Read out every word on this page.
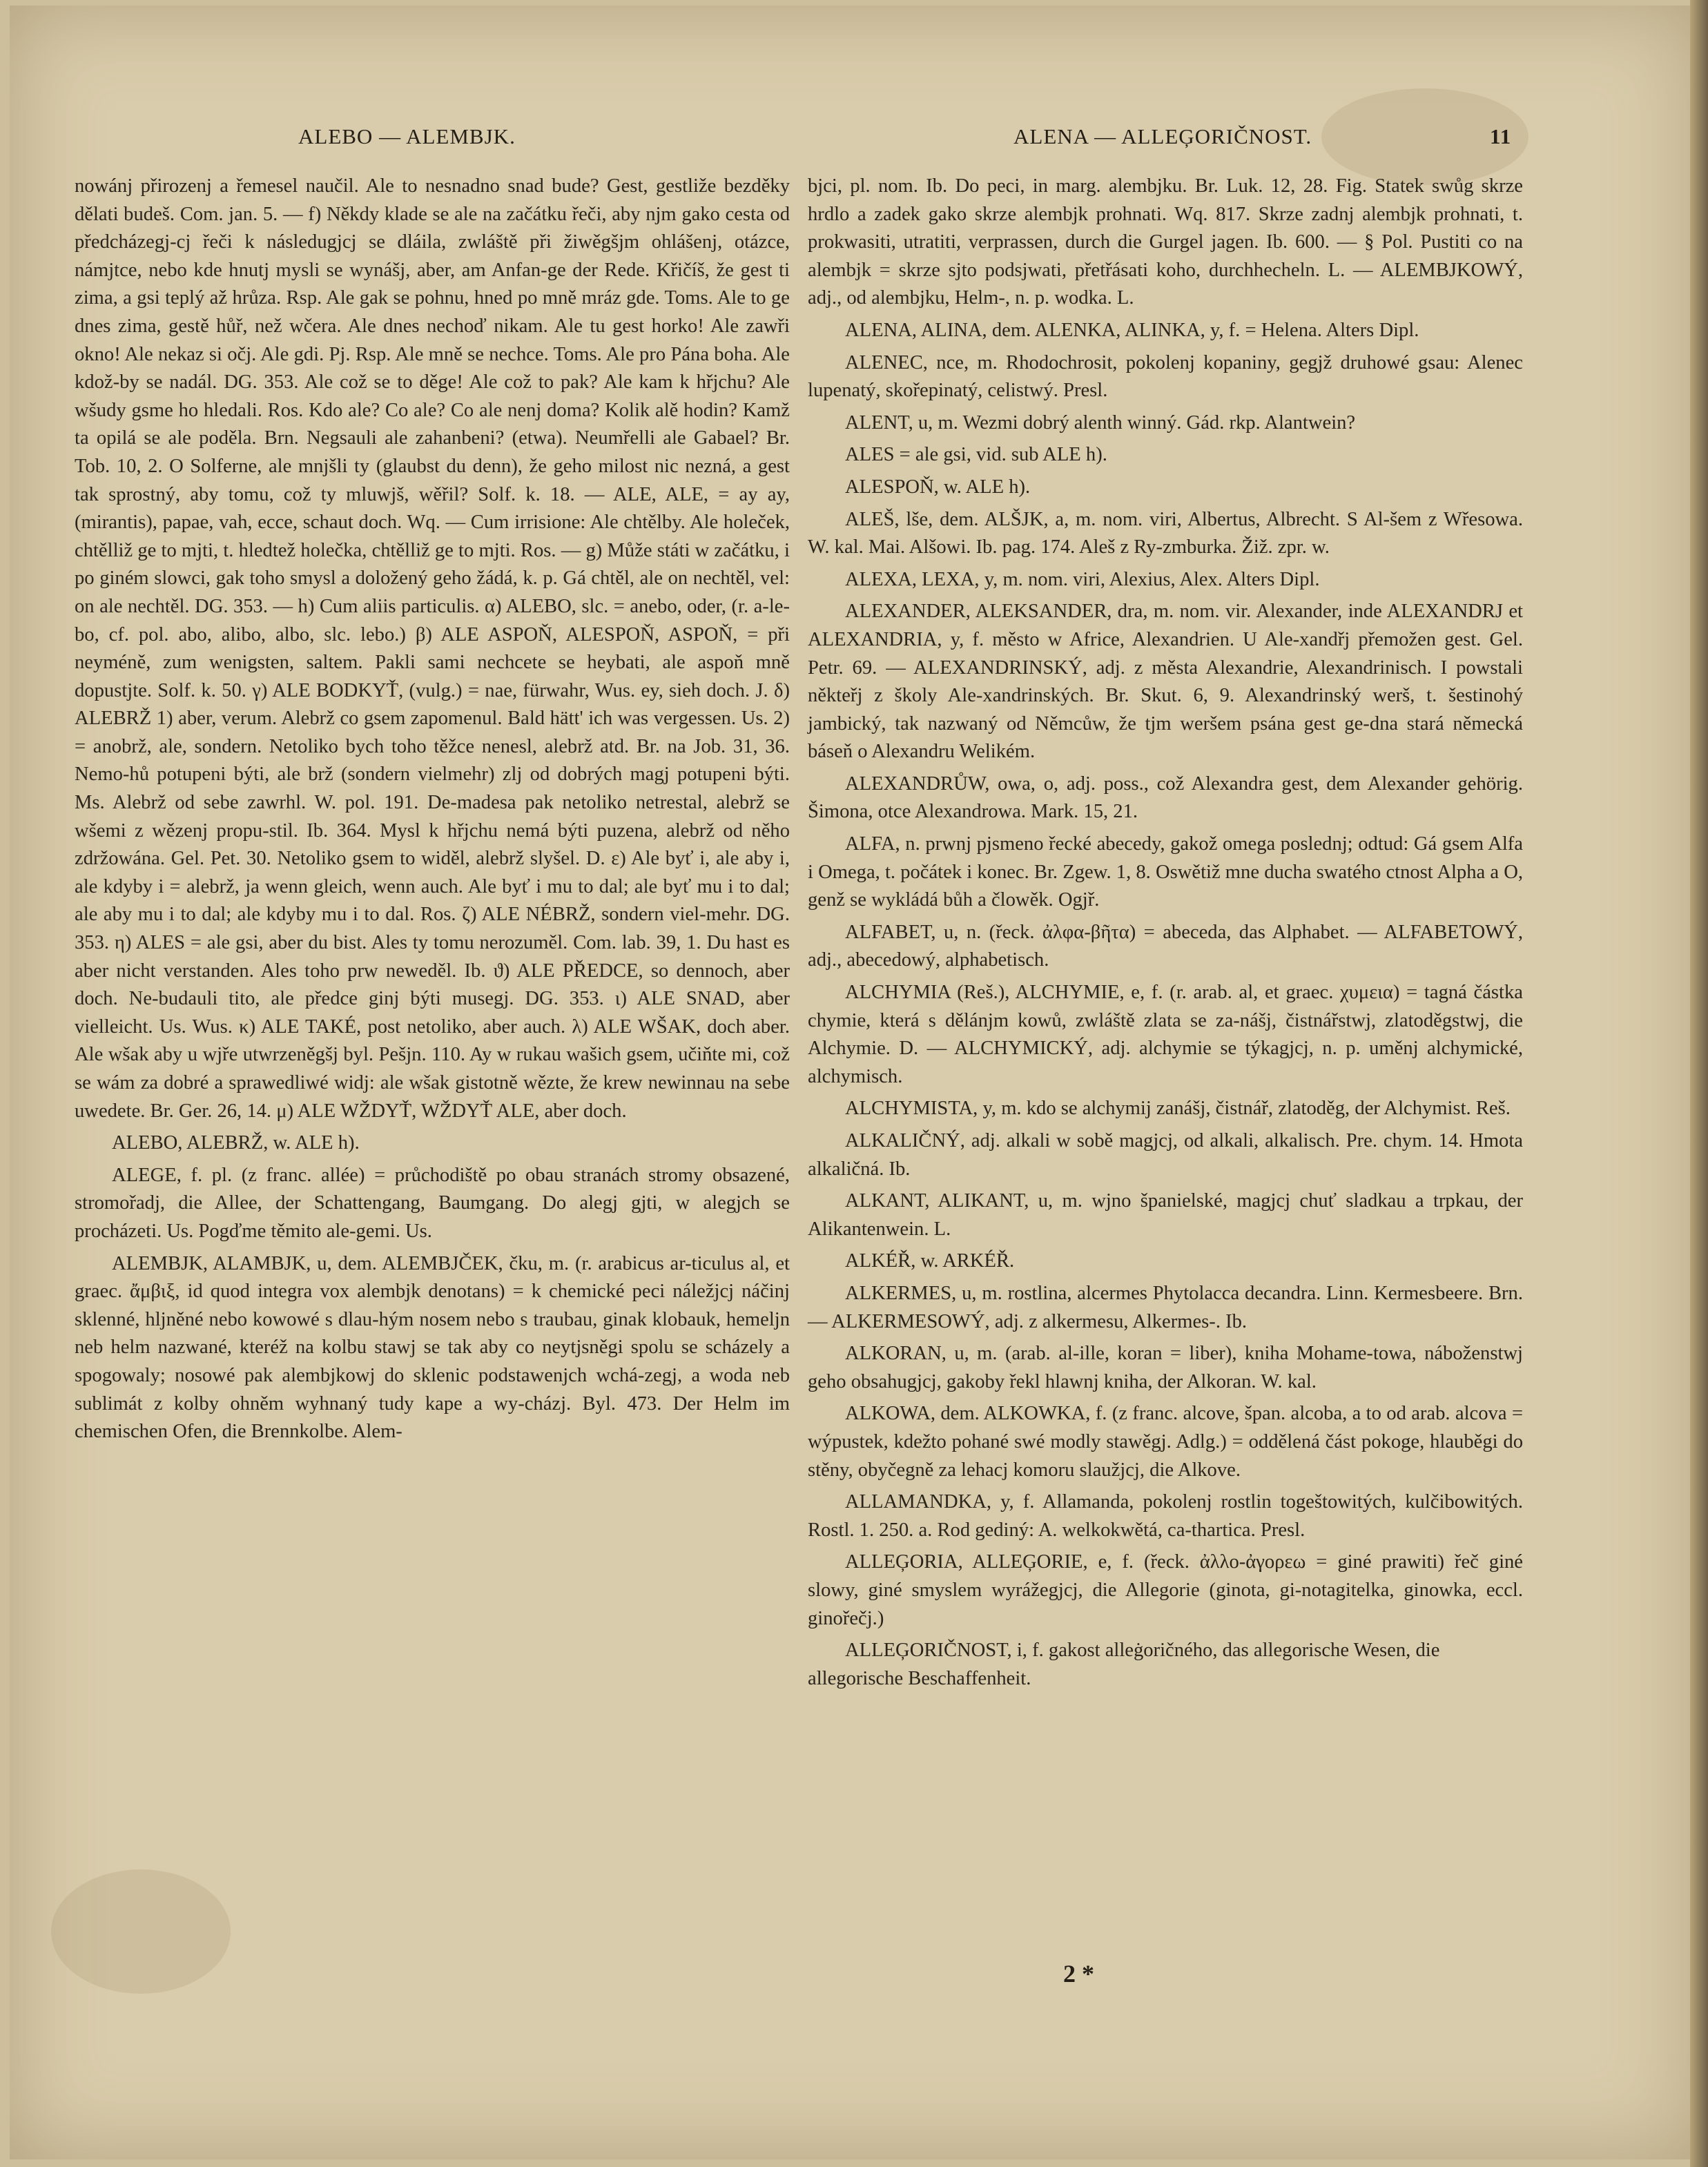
ALEBO — ALEMBJK.	ALENA — ALLEĢORIČNOST.	11

nowánj přirozenj a řemesel naučil. Ale to nesnadno snad bude? Gest, gestliže bezděky dělati budeš. Com. jan. 5. — f) Někdy klade se ale na začátku řeči, aby njm gako cesta od předcházegj-cj řeči k následugjcj se dláila, zwláště při žiwěgšjm ohlášenj, otázce, námjtce, nebo kde hnutj mysli se wynášj, aber, am Anfan-ge der Rede. Křičíš, že gest ti zima, a gsi teplý až hrůza. Rsp. Ale gak se pohnu, hned po mně mráz gde. Toms. Ale to ge dnes zima, gestě hůř, než wčera. Ale dnes nechoď nikam. Ale tu gest horko! Ale zawři okno! Ale nekaz si očj. Ale gdi. Pj. Rsp. Ale mně se nechce. Toms. Ale pro Pána boha. Ale kdož-by se nadál. DG. 353. Ale což se to děge! Ale což to pak? Ale kam k hřjchu? Ale wšudy gsme ho hledali. Ros. Kdo ale? Co ale? Co ale nenj doma? Kolik alě hodin? Kamž ta opilá se ale poděla. Brn. Negsauli ale zahanbeni? (etwa). Neumřelli ale Gabael? Br. Tob. 10, 2. O Solferne, ale mnjšli ty (glaubst du denn), že geho milost nic nezná, a gest tak sprostný, aby tomu, což ty mluwjš, wěřil? Solf. k. 18. — ALE, ALE, = ay ay, (mirantis), papae, vah, ecce, schaut doch. Wq. — Cum irrisione: Ale chtělby. Ale holeček, chtělliž ge to mjti, t. hledtež holečka, chtělliž ge to mjti. Ros. — g) Může státi w začátku, i po giném slowci, gak toho smysl a doložený geho žádá, k. p. Gá chtěl, ale on nechtěl, vel: on ale nechtěl. DG. 353. — h) Cum aliis particulis. α) ALEBO, slc. = anebo, oder, (r. a-le-bo, cf. pol. abo, alibo, albo, slc. lebo.) β) ALE ASPOŇ, ALESPOŇ, ASPOŇ, = při neyméně, zum wenigsten, saltem. Pakli sami nechcete se heybati, ale aspoň mně dopustjte. Solf. k. 50. γ) ALE BODKYŤ, (vulg.) = nae, fürwahr, Wus. ey, sieh doch. J. δ) ALEBRŽ 1) aber, verum. Alebrž co gsem zapomenul. Bald hätt' ich was vergessen. Us. 2) = anobrž, ale, sondern. Netoliko bych toho těžce nenesl, alebrž atd. Br. na Job. 31, 36. Nemo-hů potupeni býti, ale brž (sondern vielmehr) zlj od dobrých magj potupeni býti. Ms. Alebrž od sebe zawrhl. W. pol. 191. De-madesa pak netoliko netrestal, alebrž se wšemi z wězenj propu-stil. Ib. 364. Mysl k hřjchu nemá býti puzena, alebrž od něho zdržowána. Gel. Pet. 30. Netoliko gsem to widěl, alebrž slyšel. D. ε) Ale byť i, ale aby i, ale kdyby i = alebrž, ja wenn gleich, wenn auch. Ale byť i mu to dal; ale byť mu i to dal; ale aby mu i to dal; ale kdyby mu i to dal. Ros. ζ) ALE NÉBRŽ, sondern viel-mehr. DG. 353. η) ALES = ale gsi, aber du bist. Ales ty tomu nerozuměl. Com. lab. 39, 1. Du hast es aber nicht verstanden. Ales toho prw neweděl. Ib. ϑ) ALE PŘEDCE, so dennoch, aber doch. Ne-budauli tito, ale předce ginj býti musegj. DG. 353. ι) ALE SNAD, aber vielleicht. Us. Wus. κ) ALE TAKÉ, post netoliko, aber auch. λ) ALE WŠAK, doch aber. Ale wšak aby u wjře utwrzeněgšj byl. Pešjn. 110. Ay w rukau wašich gsem, učiňte mi, což se wám za dobré a sprawedliwé widj: ale wšak gistotně wězte, že krew newinnau na sebe uwedete. Br. Ger. 26, 14. μ) ALE WŽDYŤ, WŽDYŤ ALE, aber doch.

ALEBO, ALEBRŽ, w. ALE h).

ALEGE, f. pl. (z franc. allée) = průchodiště po obau stranách stromy obsazené, stromořadj, die Allee, der Schattengang, Baumgang. Do alegj gjti, w alegjch se procházeti. Us. Pogďme těmito ale-gemi. Us.

ALEMBJK, ALAMBJK, u, dem. ALEMBJČEK, čku, m. (r. arabicus ar-ticulus al, et graec. ἄμβιξ, id quod integra vox alembjk denotans) = k chemické peci náležjcj náčinj sklenné, hljněné nebo kowowé s dlau-hým nosem nebo s traubau, ginak klobauk, hemeljn neb helm nazwané, kteréž na kolbu stawj se tak aby co neytjsněgi spolu se scházely a spogowaly; nosowé pak alembjkowj do sklenic podstawenjch wchá-zegj, a woda neb sublimát z kolby ohněm wyhnaný tudy kape a wy-cházj. Byl. 473. Der Helm im chemischen Ofen, die Brennkolbe. Alem-

bjci, pl. nom. Ib. Do peci, in marg. alembjku. Br. Luk. 12, 28. Fig. Statek swůg skrze hrdlo a zadek gako skrze alembjk prohnati. Wq. 817. Skrze zadnj alembjk prohnati, t. prokwasiti, utratiti, verprassen, durch die Gurgel jagen. Ib. 600. — § Pol. Pustiti co na alembjk = skrze sjto podsjwati, přetřásati koho, durchhecheln. L. — ALEMBJKOWÝ, adj., od alembjku, Helm-, n. p. wodka. L.

ALENA, ALINA, dem. ALENKA, ALINKA, y, f. = Helena. Alters Dipl.

ALENEC, nce, m. Rhodochrosit, pokolenj kopaniny, gegjž druhowé gsau: Alenec lupenatý, skořepinatý, celistwý. Presl.

ALENT, u, m. Wezmi dobrý alenth winný. Gád. rkp. Alantwein?

ALES = ale gsi, vid. sub ALE h).

ALESPOŇ, w. ALE h).

ALEŠ, lše, dem. ALŠJK, a, m. nom. viri, Albertus, Albrecht. S Al-šem z Wřesowa. W. kal. Mai. Alšowi. Ib. pag. 174. Aleš z Ry-zmburka. Žiž. zpr. w.

ALEXA, LEXA, y, m. nom. viri, Alexius, Alex. Alters Dipl.

ALEXANDER, ALEKSANDER, dra, m. nom. vir. Alexander, inde ALEXANDRJ et ALEXANDRIA, y, f. město w Africe, Alexandrien. U Ale-xandřj přemožen gest. Gel. Petr. 69. — ALEXANDRINSKÝ, adj. z města Alexandrie, Alexandrinisch. I powstali někteřj z školy Ale-xandrinských. Br. Skut. 6, 9. Alexandrinský werš, t. šestinohý jambický, tak nazwaný od Němcůw, že tjm weršem psána gest ge-dna stará německá báseň o Alexandru Welikém.

ALEXANDRŮW, owa, o, adj. poss., což Alexandra gest, dem Alexander gehörig. Šimona, otce Alexandrowa. Mark. 15, 21.

ALFA, n. prwnj pjsmeno řecké abecedy, gakož omega poslednj; odtud: Gá gsem Alfa i Omega, t. počátek i konec. Br. Zgew. 1, 8. Oswětiž mne ducha swatého ctnost Alpha a O, genž se wykládá bůh a člowěk. Ogjř.

ALFABET, u, n. (řeck. ἀλφα-βῆτα) = abeceda, das Alphabet. — ALFABETOWÝ, adj., abecedowý, alphabetisch.

ALCHYMIA (Reš.), ALCHYMIE, e, f. (r. arab. al, et graec. χυμεια) = tagná částka chymie, která s dělánjm kowů, zwláště zlata se za-nášj, čistnářstwj, zlatoděgstwj, die Alchymie. D. — ALCHYMICKÝ, adj. alchymie se týkagjcj, n. p. uměnj alchymické, alchymisch.

ALCHYMISTA, y, m. kdo se alchymij zanášj, čistnář, zlatoděg, der Alchymist. Reš.

ALKALIČNÝ, adj. alkali w sobě magjcj, od alkali, alkalisch. Pre. chym. 14. Hmota alkaličná. Ib.

ALKANT, ALIKANT, u, m. wjno španielské, magjcj chuť sladkau a trpkau, der Alikantenwein. L.

ALKÉŘ, w. ARKÉŘ.

ALKERMES, u, m. rostlina, alcermes Phytolacca decandra. Linn. Kermesbeere. Brn. — ALKERMESOWÝ, adj. z alkermesu, Alkermes-. Ib.

ALKORAN, u, m. (arab. al-ille, koran = liber), kniha Mohame-towa, náboženstwj geho obsahugjcj, gakoby řekl hlawnj kniha, der Alkoran. W. kal.

ALKOWA, dem. ALKOWKA, f. (z franc. alcove, špan. alcoba, a to od arab. alcova = wýpustek, kdežto pohané swé modly stawěgj. Adlg.) = oddělená část pokoge, hlauběgi do stěny, obyčegně za lehacj komoru slaužjcj, die Alkove.

ALLAMANDKA, y, f. Allamanda, pokolenj rostlin togeštowitých, kulčibowitých. Rostl. 1. 250. a. Rod gediný: A. welkokwětá, ca-thartica. Presl.

ALLEĢORIA, ALLEĢORIE, e, f. (řeck. ἀλλο-ἀγορεω = giné prawiti) řeč giné slowy, giné smyslem wyrážegjcj, die Allegorie (ginota, gi-notagitelka, ginowka, eccl. ginořečj.)

ALLEĢORIČNOST, i, f. gakost alleġoričného, das allegorische Wesen, die allegorische Beschaffenheit.

2 *
